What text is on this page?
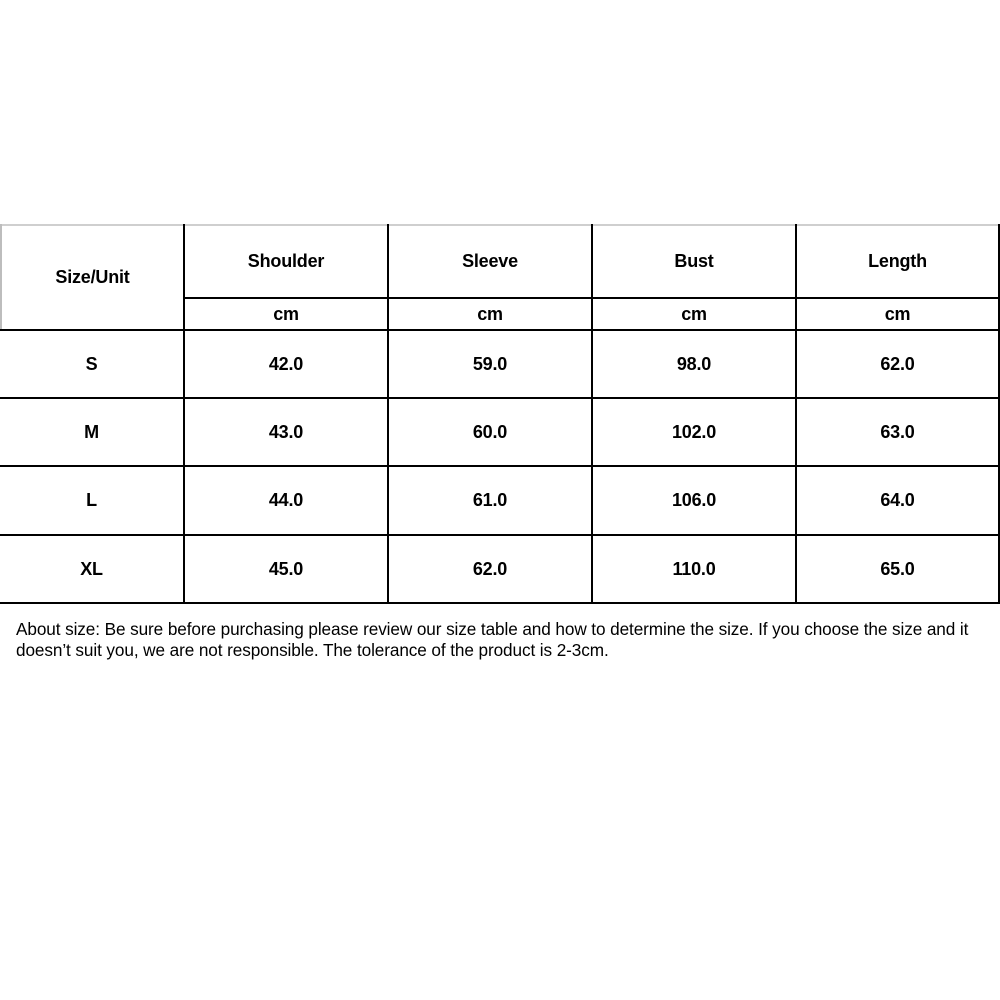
Size/Unit
Shoulder	Sleeve	Bust	Length
cm	cm	cm	cm
S	42.0	59.0	98.0	62.0
M	43.0	60.0	102.0	63.0
L	44.0	61.0	106.0	64.0
XL	45.0	62.0	110.0	65.0

About size: Be sure before purchasing please review our size table and how to determine the size. If you choose the size and it doesn’t suit you, we are not responsible. The tolerance of the product is 2-3cm.
